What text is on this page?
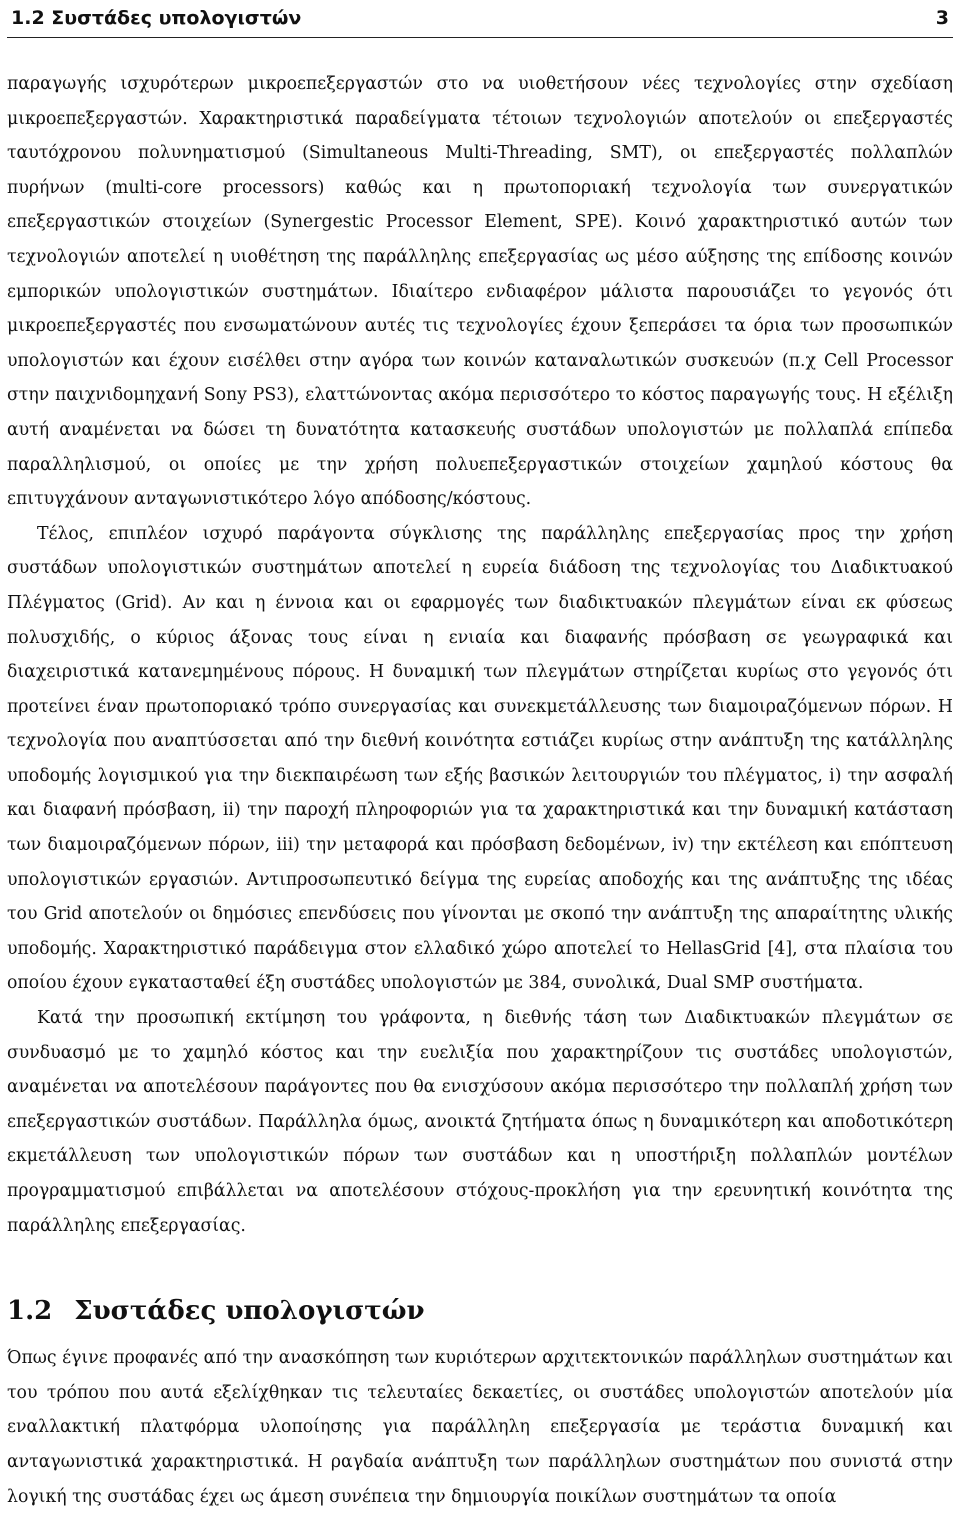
1.2 Συστάδες υπολογιστών	3

παραγωγής ισχυρότερων μικροεπεξεργαστών στο να υιοθετήσουν νέες τεχνολογίες στην σχεδίαση μικροεπεξεργαστών. Χαρακτηριστικά παραδείγματα τέτοιων τεχνολογιών αποτελούν οι επεξεργαστές ταυτόχρονου πολυνηματισμού (Simultaneous Multi-Threading, SMT), οι επεξεργαστές πολλαπλών πυρήνων (multi-core processors) καθώς και η πρωτοποριακή τεχνολογία των συνεργατικών επεξεργαστικών στοιχείων (Synergestic Processor Element, SPE). Κοινό χαρακτηριστικό αυτών των τεχνολογιών αποτελεί η υιοθέτηση της παράλληλης επεξεργασίας ως μέσο αύξησης της επίδοσης κοινών εμπορικών υπολογιστικών συστημάτων. Ιδιαίτερο ενδιαφέρον μάλιστα παρουσιάζει το γεγονός ότι μικροεπεξεργαστές που ενσωματώνουν αυτές τις τεχνολογίες έχουν ξεπεράσει τα όρια των προσωπικών υπολογιστών και έχουν εισέλθει στην αγόρα των κοινών καταναλωτικών συσκευών (π.χ Cell Processor στην παιχνιδομηχανή Sony PS3), ελαττώνοντας ακόμα περισσότερο το κόστος παραγωγής τους. Η εξέλιξη αυτή αναμένεται να δώσει τη δυνατότητα κατασκευής συστάδων υπολογιστών με πολλαπλά επίπεδα παραλληλισμού, οι οποίες με την χρήση πολυεπεξεργαστικών στοιχείων χαμηλού κόστους θα επιτυγχάνουν ανταγωνιστικότερο λόγο απόδοσης/κόστους.

Τέλος, επιπλέον ισχυρό παράγοντα σύγκλισης της παράλληλης επεξεργασίας προς την χρήση συστάδων υπολογιστικών συστημάτων αποτελεί η ευρεία διάδοση της τεχνολογίας του Διαδικτυακού Πλέγματος (Grid). Αν και η έννοια και οι εφαρμογές των διαδικτυακών πλεγμάτων είναι εκ φύσεως πολυσχιδής, ο κύριος άξονας τους είναι η ενιαία και διαφανής πρόσβαση σε γεωγραφικά και διαχειριστικά κατανεμημένους πόρους. Η δυναμική των πλεγμάτων στηρίζεται κυρίως στο γεγονός ότι προτείνει έναν πρωτοποριακό τρόπο συνεργασίας και συνεκμετάλλευσης των διαμοιραζόμενων πόρων. Η τεχνολογία που αναπτύσσεται από την διεθνή κοινότητα εστιάζει κυρίως στην ανάπτυξη της κατάλληλης υποδομής λογισμικού για την διεκπαιρέωση των εξής βασικών λειτουργιών του πλέγματος, i) την ασφαλή και διαφανή πρόσβαση, ii) την παροχή πληροφοριών για τα χαρακτηριστικά και την δυναμική κατάσταση των διαμοιραζόμενων πόρων, iii) την μεταφορά και πρόσβαση δεδομένων, iv) την εκτέλεση και επόπτευση υπολογιστικών εργασιών. Αντιπροσωπευτικό δείγμα της ευρείας αποδοχής και της ανάπτυξης της ιδέας του Grid αποτελούν οι δημόσιες επενδύσεις που γίνονται με σκοπό την ανάπτυξη της απαραίτητης υλικής υποδομής. Χαρακτηριστικό παράδειγμα στον ελλαδικό χώρο αποτελεί το HellasGrid [4], στα πλαίσια του οποίου έχουν εγκατασταθεί έξη συστάδες υπολογιστών με 384, συνολικά, Dual SMP συστήματα.

Κατά την προσωπική εκτίμηση του γράφοντα, η διεθνής τάση των Διαδικτυακών πλεγμάτων σε συνδυασμό με το χαμηλό κόστος και την ευελιξία που χαρακτηρίζουν τις συστάδες υπολογιστών, αναμένεται να αποτελέσουν παράγοντες που θα ενισχύσουν ακόμα περισσότερο την πολλαπλή χρήση των επεξεργαστικών συστάδων. Παράλληλα όμως, ανοικτά ζητήματα όπως η δυναμικότερη και αποδοτικότερη εκμετάλλευση των υπολογιστικών πόρων των συστάδων και η υποστήριξη πολλαπλών μοντέλων προγραμματισμού επιβάλλεται να αποτελέσουν στόχους-προκλήση για την ερευνητική κοινότητα της παράλληλης επεξεργασίας.

1.2 Συστάδες υπολογιστών

Όπως έγινε προφανές από την ανασκόπηση των κυριότερων αρχιτεκτονικών παράλληλων συστημάτων και του τρόπου που αυτά εξελίχθηκαν τις τελευταίες δεκαετίες, οι συστάδες υπολογιστών αποτελούν μία εναλλακτική πλατφόρμα υλοποίησης για παράλληλη επεξεργασία με τεράστια δυναμική και ανταγωνιστικά χαρακτηριστικά. Η ραγδαία ανάπτυξη των παράλληλων συστημάτων που συνιστά στην λογική της συστάδας έχει ως άμεση συνέπεια την δημιουργία ποικίλων συστημάτων τα οποία
